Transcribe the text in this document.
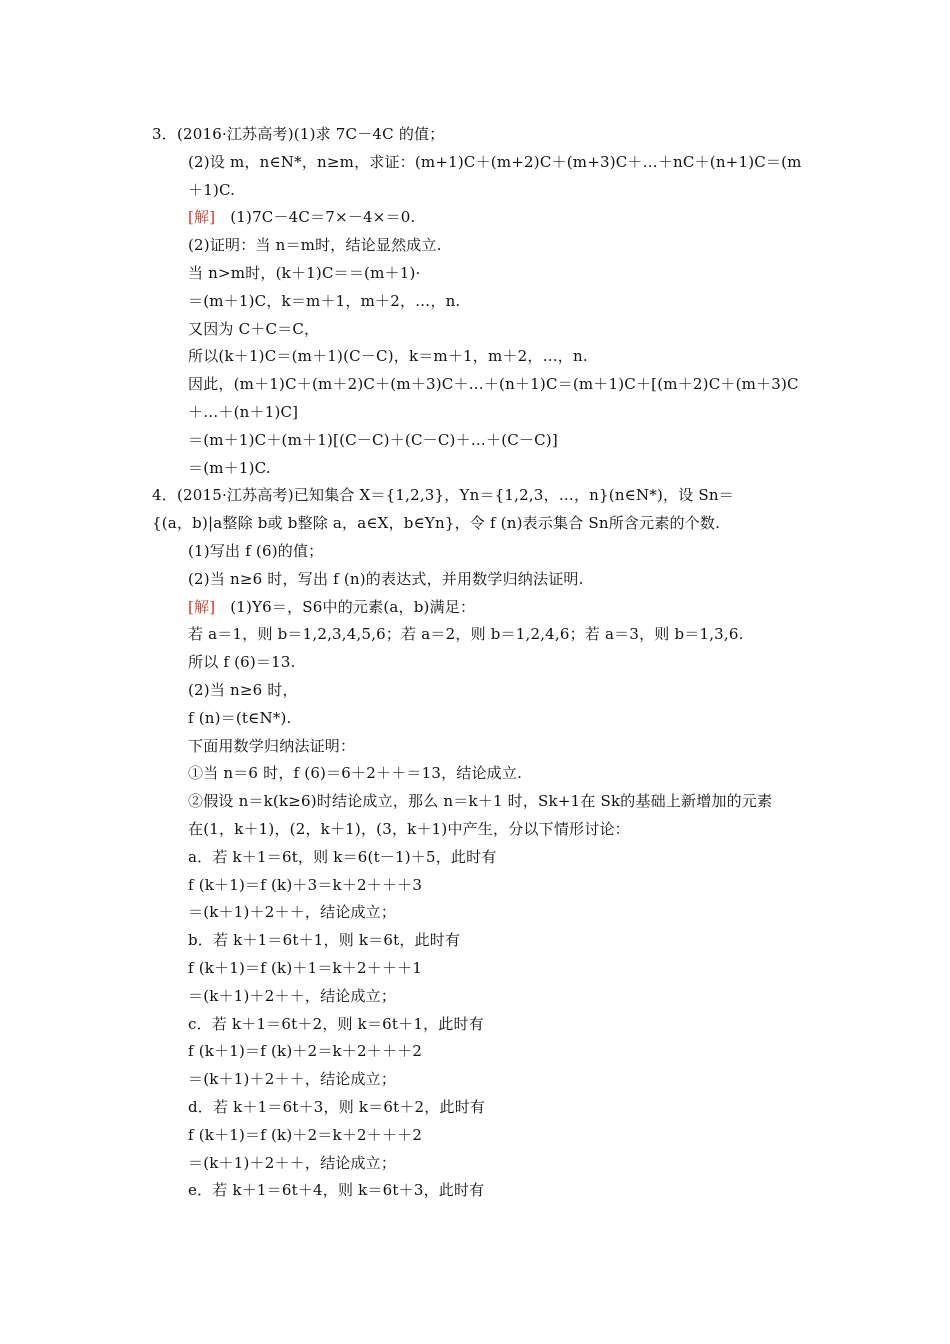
3．(2016·江苏高考)(1)求 7C－4C 的值；
(2)设 m，n∈N*，n≥m，求证：(m+1)C＋(m+2)C＋(m+3)C＋…＋nC＋(n+1)C＝(m
＋1)C.
[解] (1)7C－4C＝7×－4×＝0.
(2)证明：当 n＝m时，结论显然成立.
当 n>m时，(k＋1)C＝＝(m＋1)·
＝(m＋1)C，k＝m＋1，m＋2，…，n.
又因为 C＋C＝C，
所以(k＋1)C＝(m＋1)(C－C)，k＝m＋1，m＋2，…，n.
因此，(m＋1)C＋(m＋2)C＋(m＋3)C＋…＋(n＋1)C＝(m＋1)C＋[(m＋2)C＋(m＋3)C
＋…＋(n＋1)C]
＝(m＋1)C＋(m＋1)[(C－C)＋(C－C)＋…＋(C－C)]
＝(m＋1)C.
4．(2015·江苏高考)已知集合 X＝{1,2,3}，Yn＝{1,2,3，…，n}(n∈N*)，设 Sn＝
{(a，b)|a整除 b或 b整除 a，a∈X，b∈Yn}，令 f (n)表示集合 Sn所含元素的个数.
(1)写出 f (6)的值；
(2)当 n≥6 时，写出 f (n)的表达式，并用数学归纳法证明.
[解] (1)Y6＝，S6中的元素(a，b)满足：
若 a＝1，则 b＝1,2,3,4,5,6；若 a＝2，则 b＝1,2,4,6；若 a＝3，则 b＝1,3,6.
所以 f (6)＝13.
(2)当 n≥6 时，
f (n)＝(t∈N*).
下面用数学归纳法证明：
①当 n＝6 时，f (6)＝6＋2＋＋＝13，结论成立.
②假设 n＝k(k≥6)时结论成立，那么 n＝k＋1 时，Sk+1在 Sk的基础上新增加的元素
在(1，k＋1)，(2，k＋1)，(3，k＋1)中产生，分以下情形讨论：
a．若 k＋1＝6t，则 k＝6(t－1)＋5，此时有
f (k＋1)＝f (k)＋3＝k＋2＋＋＋3
＝(k＋1)＋2＋＋，结论成立；
b．若 k＋1＝6t＋1，则 k＝6t，此时有
f (k＋1)＝f (k)＋1＝k＋2＋＋＋1
＝(k＋1)＋2＋＋，结论成立；
c．若 k＋1＝6t＋2，则 k＝6t＋1，此时有
f (k＋1)＝f (k)＋2＝k＋2＋＋＋2
＝(k＋1)＋2＋＋，结论成立；
d．若 k＋1＝6t＋3，则 k＝6t＋2，此时有
f (k＋1)＝f (k)＋2＝k＋2＋＋＋2
＝(k＋1)＋2＋＋，结论成立；
e．若 k＋1＝6t＋4，则 k＝6t＋3，此时有
